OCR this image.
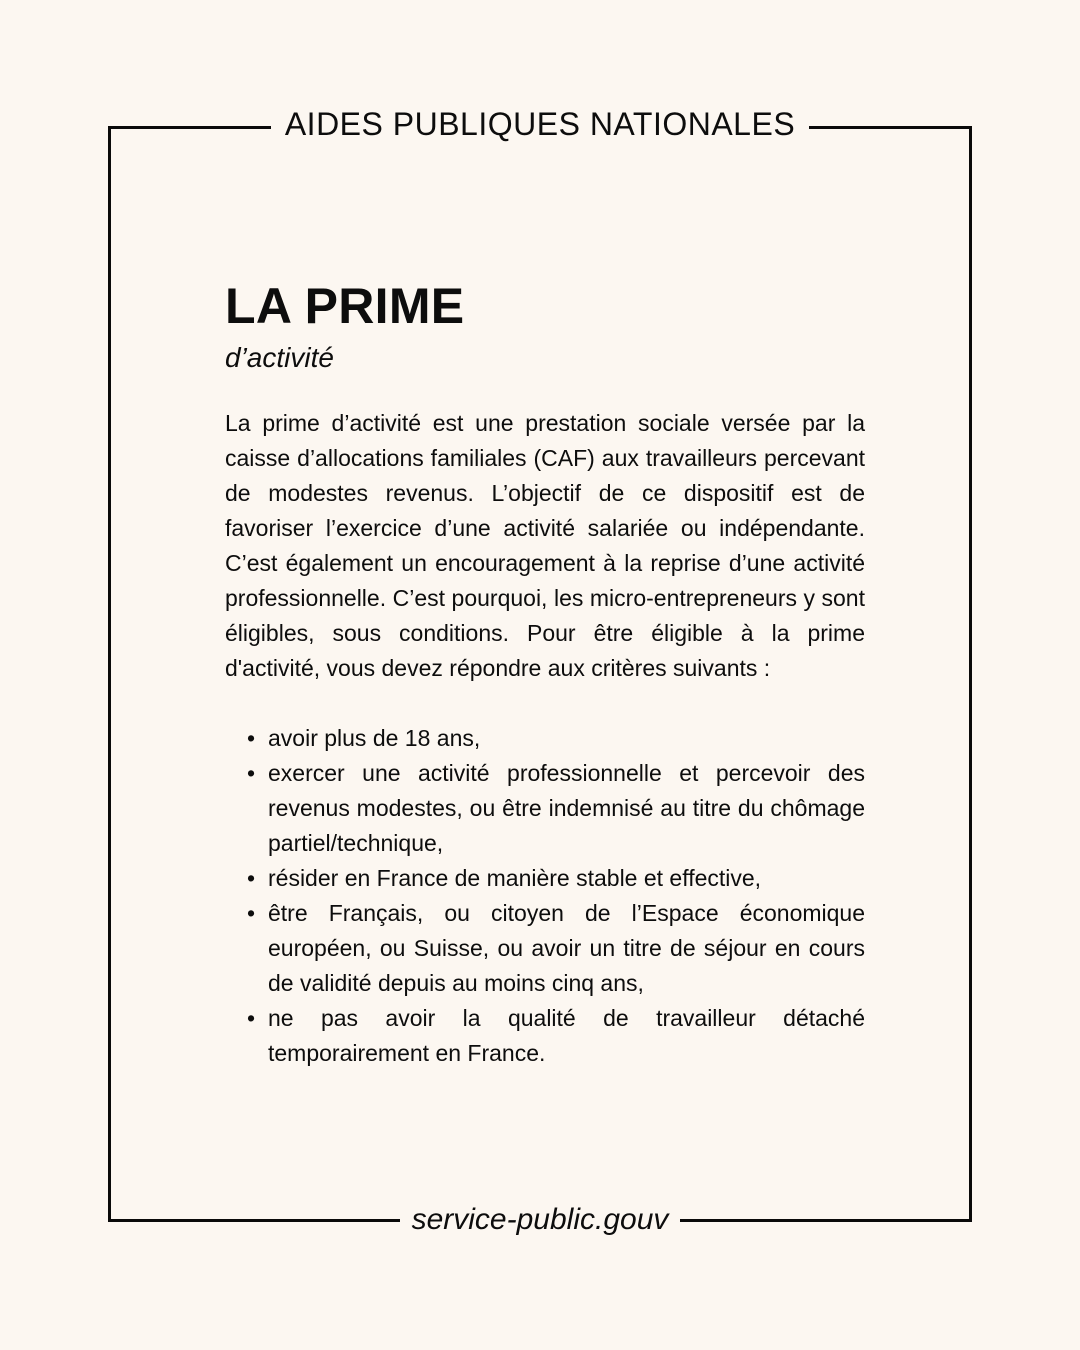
AIDES PUBLIQUES NATIONALES
LA PRIME

d’activité

La prime d’activité est une prestation sociale versée par la caisse d’allocations familiales (CAF) aux travailleurs percevant de modestes revenus. L’objectif de ce dispositif est de favoriser l’exercice d’une activité salariée ou indépendante. C’est également un encouragement à la reprise d’une activité professionnelle. C’est pourquoi, les micro-entrepreneurs y sont éligibles, sous conditions. Pour être éligible à la prime d'activité, vous devez répondre aux critères suivants :

• avoir plus de 18 ans,
• exercer une activité professionnelle et percevoir des revenus modestes, ou être indemnisé au titre du chômage partiel/technique,
• résider en France de manière stable et effective,
• être Français, ou citoyen de l’Espace économique européen, ou Suisse, ou avoir un titre de séjour en cours de validité depuis au moins cinq ans,
• ne pas avoir la qualité de travailleur détaché temporairement en France.
service-public.gouv
